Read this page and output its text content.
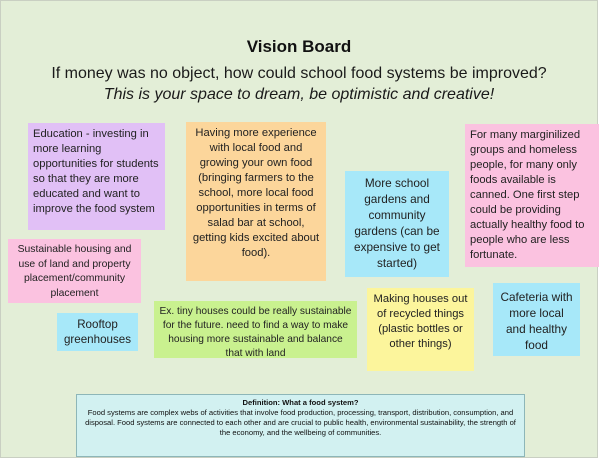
Vision Board
If money was no object, how could school food systems be improved?
This is your space to dream, be optimistic and creative!
Education - investing in more learning opportunities for students so that they are more educated and want to improve the food system
Having more experience with local food and growing your own food (bringing farmers to the school, more local food opportunities in terms of salad bar at school, getting kids excited about food).
More school gardens and community gardens (can be expensive to get started)
For many marginilized groups and homeless people, for many only foods available is canned. One first step could be providing actually healthy food to people who are less fortunate.
Sustainable housing and use of land and property placement/community placement
Rooftop greenhouses
Ex. tiny houses could be really sustainable for the future. need to find a way to make housing more sustainable and balance that with land
Making houses out of recycled things (plastic bottles or other things)
Cafeteria with more local and healthy food
Definition: What a food system?
Food systems are complex webs of activities that involve food production, processing, transport, distribution, consumption, and disposal. Food systems are connected to each other and are crucial to public health, environmental sustainability, the strength of the economy, and the wellbeing of communities.
